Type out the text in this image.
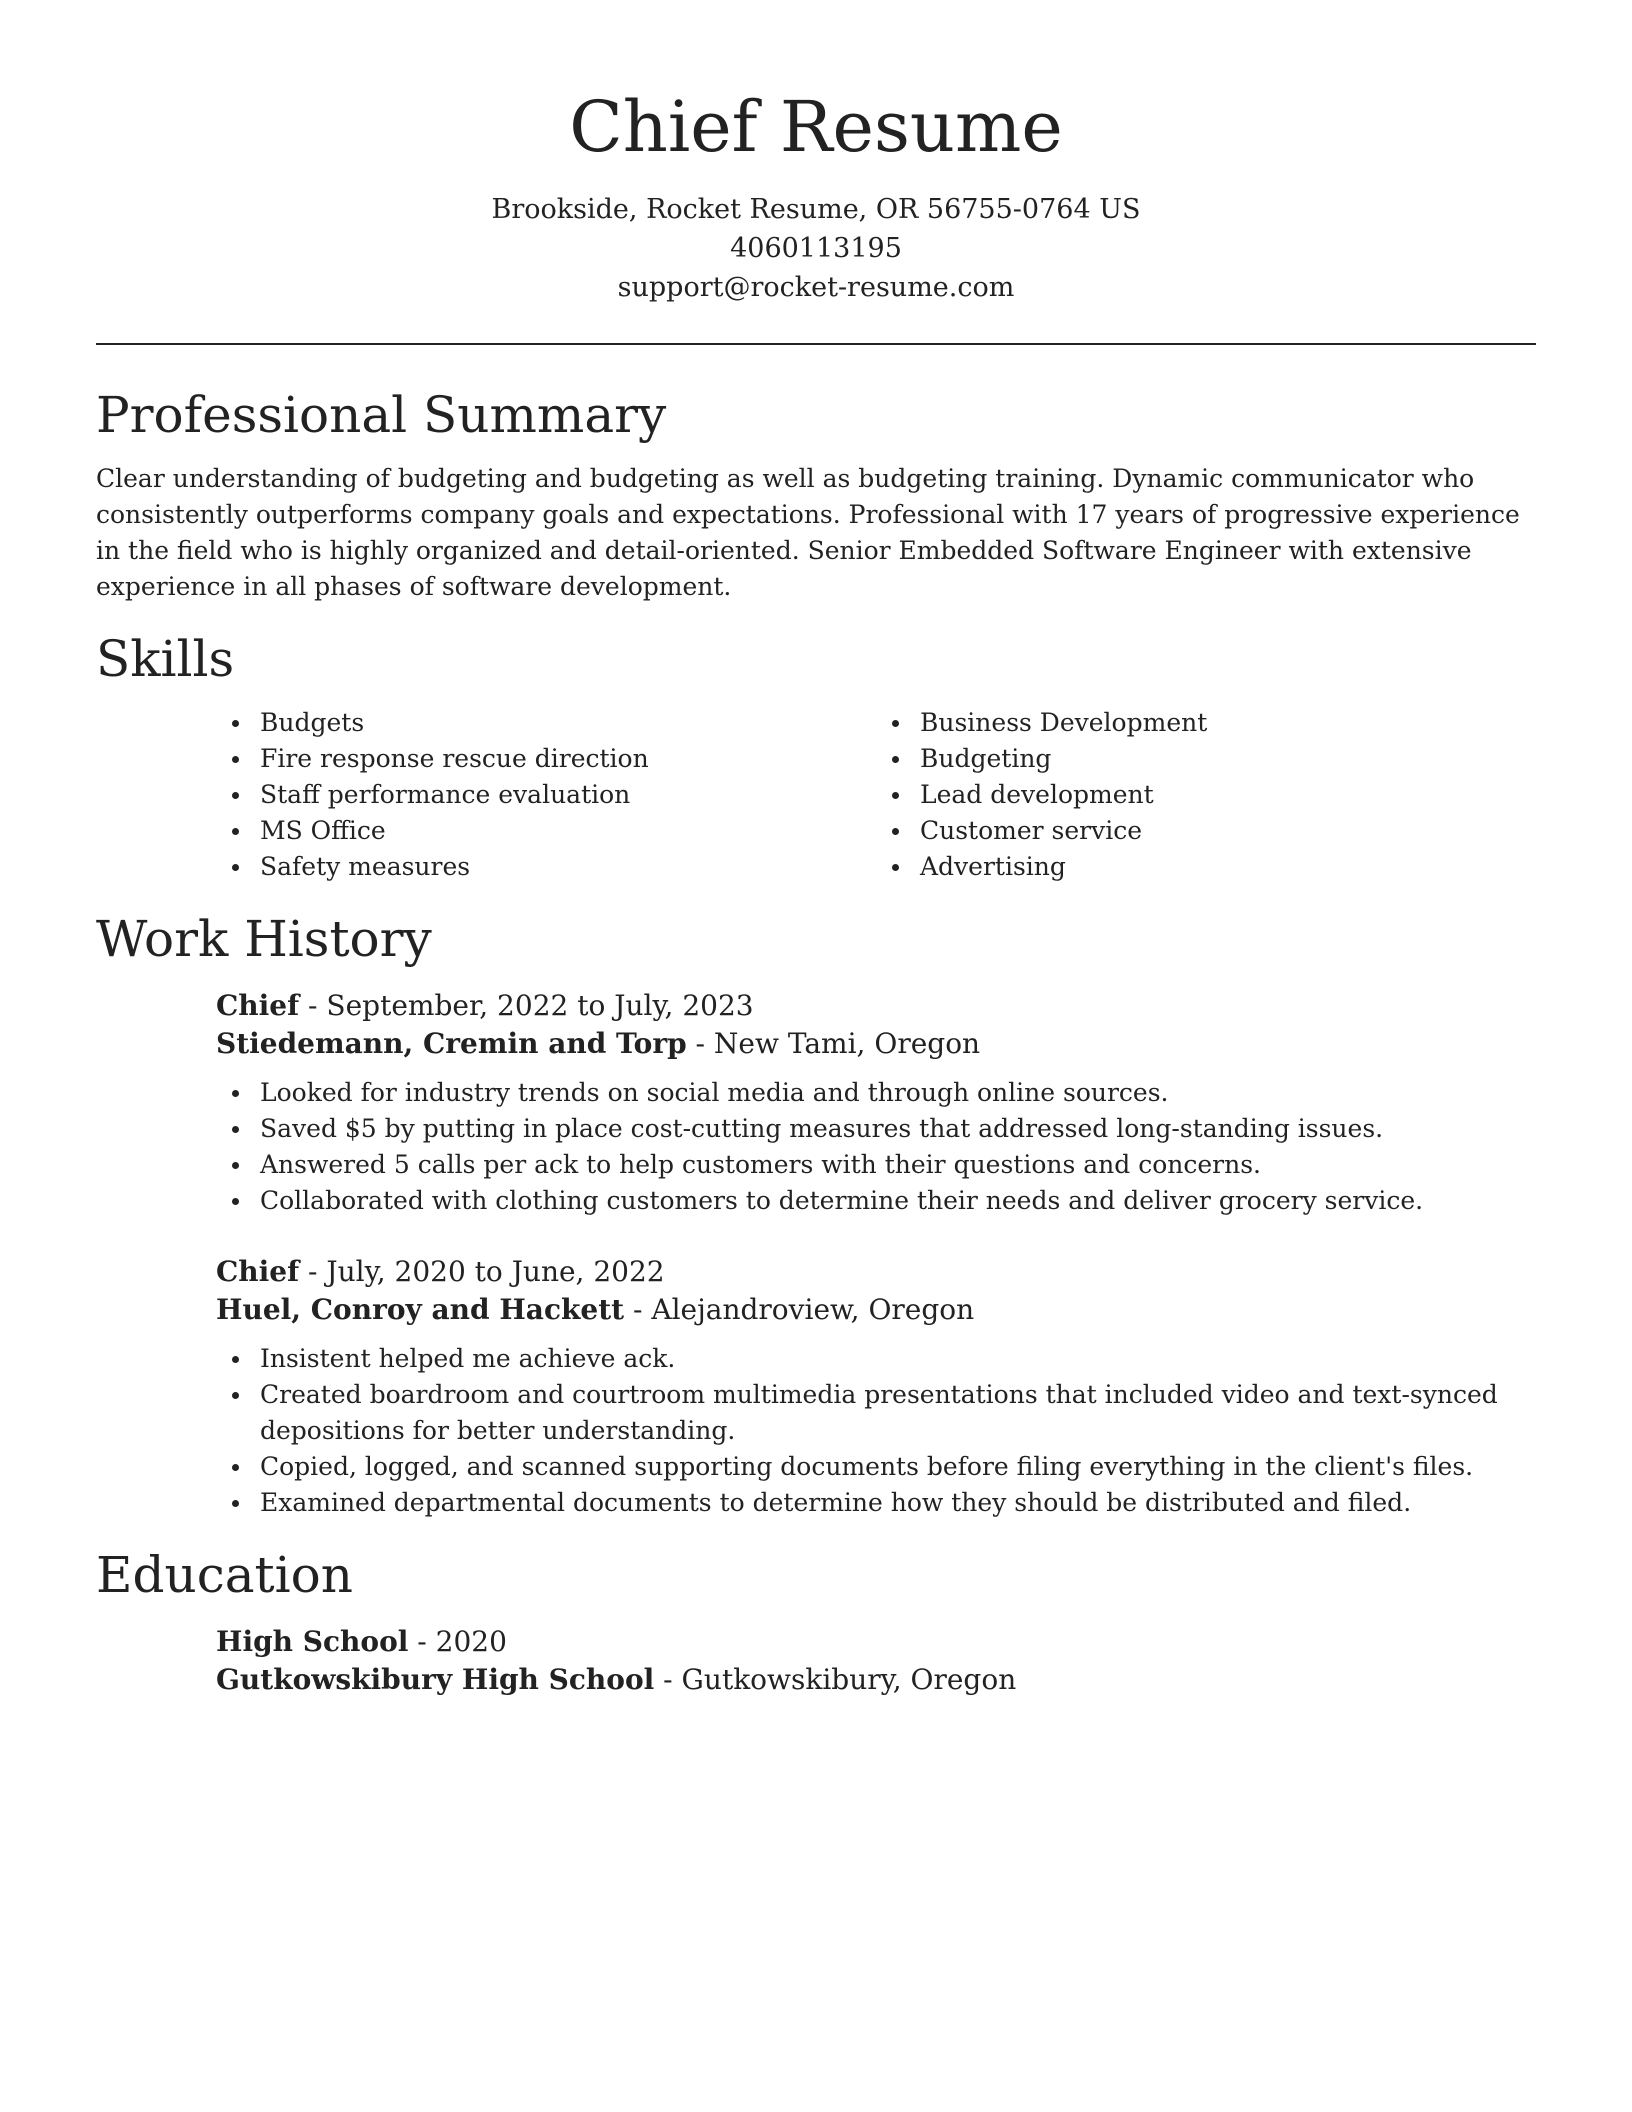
Chief Resume

Brookside, Rocket Resume, OR 56755-0764 US

4060113195

support@rocket-resume.com

Professional Summary

Clear understanding of budgeting and budgeting as well as budgeting training. Dynamic communicator who consistently outperforms company goals and expectations. Professional with 17 years of progressive experience in the field who is highly organized and detail-oriented. Senior Embedded Software Engineer with extensive experience in all phases of software development.

Skills
Budgets
Fire response rescue direction
Staff performance evaluation
MS Office
Safety measures
Business Development
Budgeting
Lead development
Customer service
Advertising
Work History

Chief - September, 2022 to July, 2023

Stiedemann, Cremin and Torp - New Tami, Oregon

Looked for industry trends on social media and through online sources.
Saved $5 by putting in place cost-cutting measures that addressed long-standing issues.
Answered 5 calls per ack to help customers with their questions and concerns.
Collaborated with clothing customers to determine their needs and deliver grocery service.

Chief - July, 2020 to June, 2022

Huel, Conroy and Hackett - Alejandroview, Oregon

Insistent helped me achieve ack.
Created boardroom and courtroom multimedia presentations that included video and text-synced depositions for better understanding.
Copied, logged, and scanned supporting documents before filing everything in the client's files.
Examined departmental documents to determine how they should be distributed and filed.
Education

High School - 2020

Gutkowskibury High School - Gutkowskibury, Oregon
